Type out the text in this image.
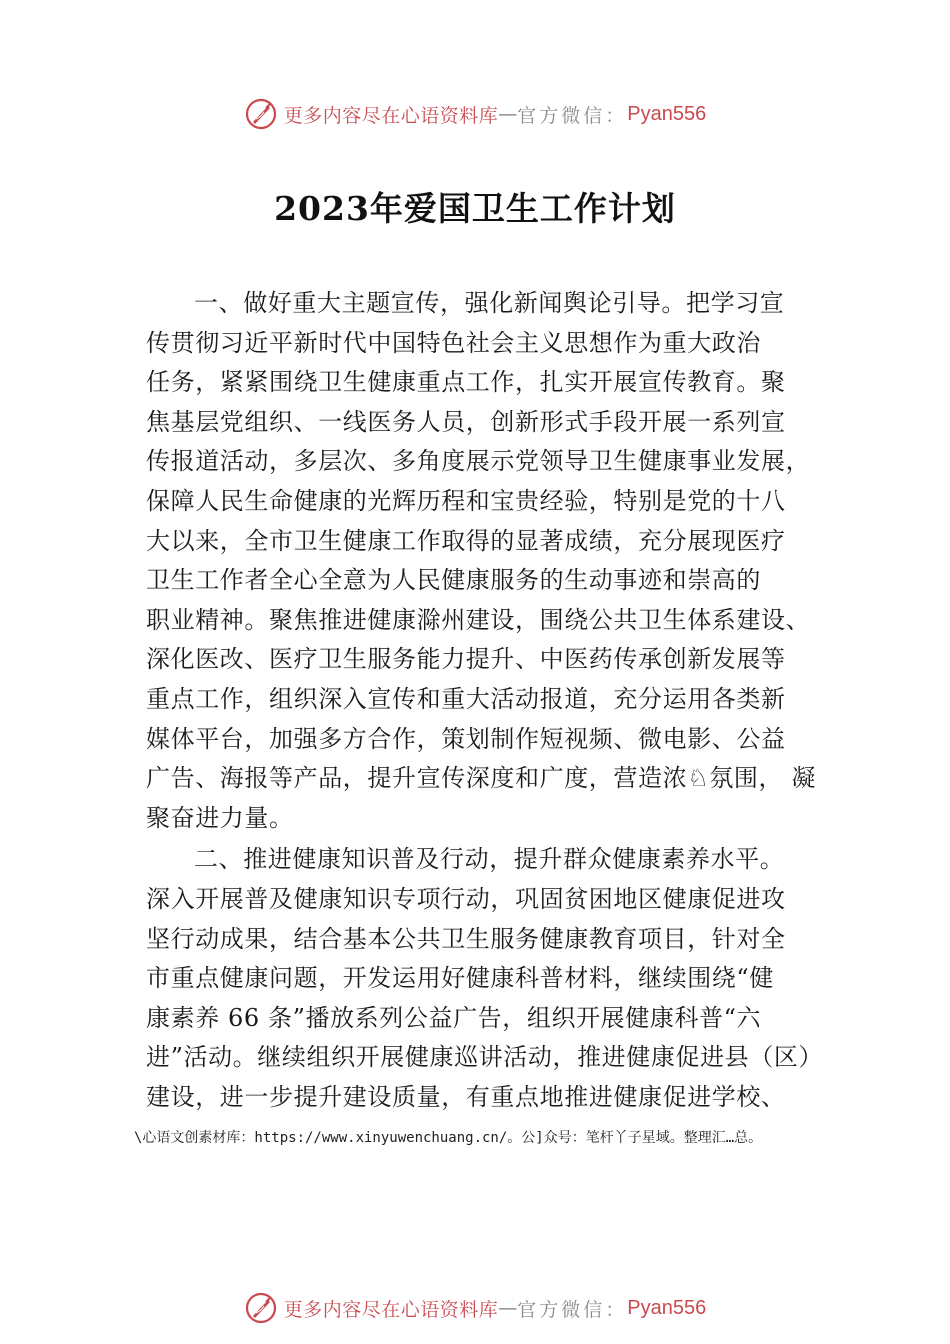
更多内容尽在心语资料库 — 官方微信： Pyan556
2023年爱国卫生工作计划
一、做好重大主题宣传，强化新闻舆论引导。把学习宣
传贯彻习近平新时代中国特色社会主义思想作为重大政治
任务，紧紧围绕卫生健康重点工作，扎实开展宣传教育。聚
焦基层党组织、一线医务人员，创新形式手段开展一系列宣
传报道活动，多层次、多角度展示党领导卫生健康事业发展，
保障人民生命健康的光辉历程和宝贵经验，特别是党的十八
大以来，全市卫生健康工作取得的显著成绩，充分展现医疗
卫生工作者全心全意为人民健康服务的生动事迹和崇高的
职业精神。聚焦推进健康滁州建设，围绕公共卫生体系建设、
深化医改、医疗卫生服务能力提升、中医药传承创新发展等
重点工作，组织深入宣传和重大活动报道，充分运用各类新
媒体平台，加强多方合作，策划制作短视频、微电影、公益
广告、海报等产品，提升宣传深度和广度，营造浓♘氛围， 凝
聚奋进力量。
二、推进健康知识普及行动，提升群众健康素养水平。
深入开展普及健康知识专项行动，巩固贫困地区健康促进攻
坚行动成果，结合基本公共卫生服务健康教育项目，针对全
市重点健康问题，开发运用好健康科普材料，继续围绕“健
康素养 66 条”播放系列公益广告，组织开展健康科普“六
进”活动。继续组织开展健康巡讲活动，推进健康促进县（区）
建设，进一步提升建设质量，有重点地推进健康促进学校、
\心语文创素材库：https://www.xinyuwenchuang.cn/。公]众号：笔杆丫子星域。整理汇…总。
更多内容尽在心语资料库 — 官方微信： Pyan556
